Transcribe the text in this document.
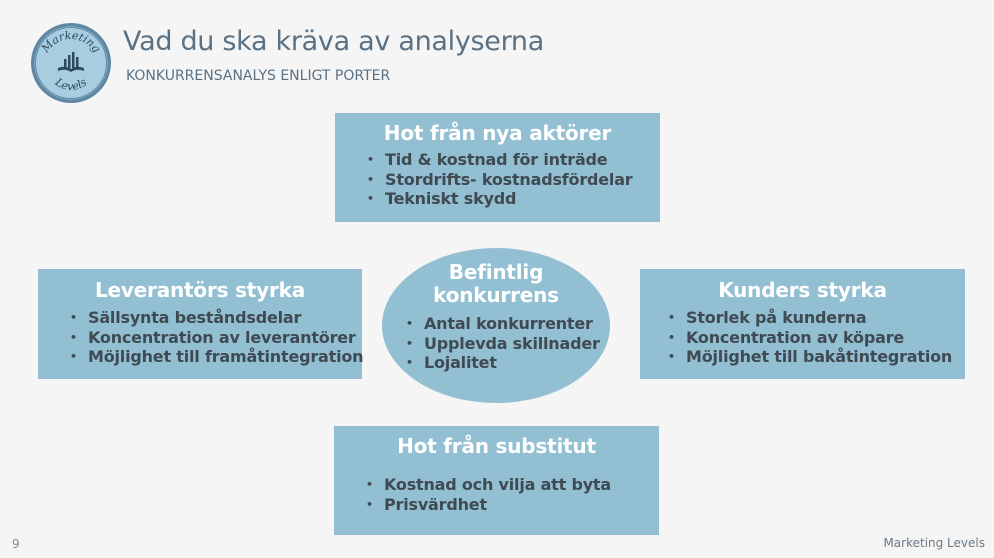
Marketing
Levels
Vad du ska kräva av analyserna
KONKURRENSANALYS ENLIGT PORTER
Hot från nya aktörer
• Tid & kostnad för inträde
• Stordrifts- kostnadsfördelar
• Tekniskt skydd
Leverantörs styrka
• Sällsynta beståndsdelar
• Koncentration av leverantörer
• Möjlighet till framåtintegration
Befintlig
konkurrens
• Antal konkurrenter
• Upplevda skillnader
• Lojalitet
Kunders styrka
• Storlek på kunderna
• Koncentration av köpare
• Möjlighet till bakåtintegration
Hot från substitut
• Kostnad och vilja att byta
• Prisvärdhet
9	Marketing Levels
